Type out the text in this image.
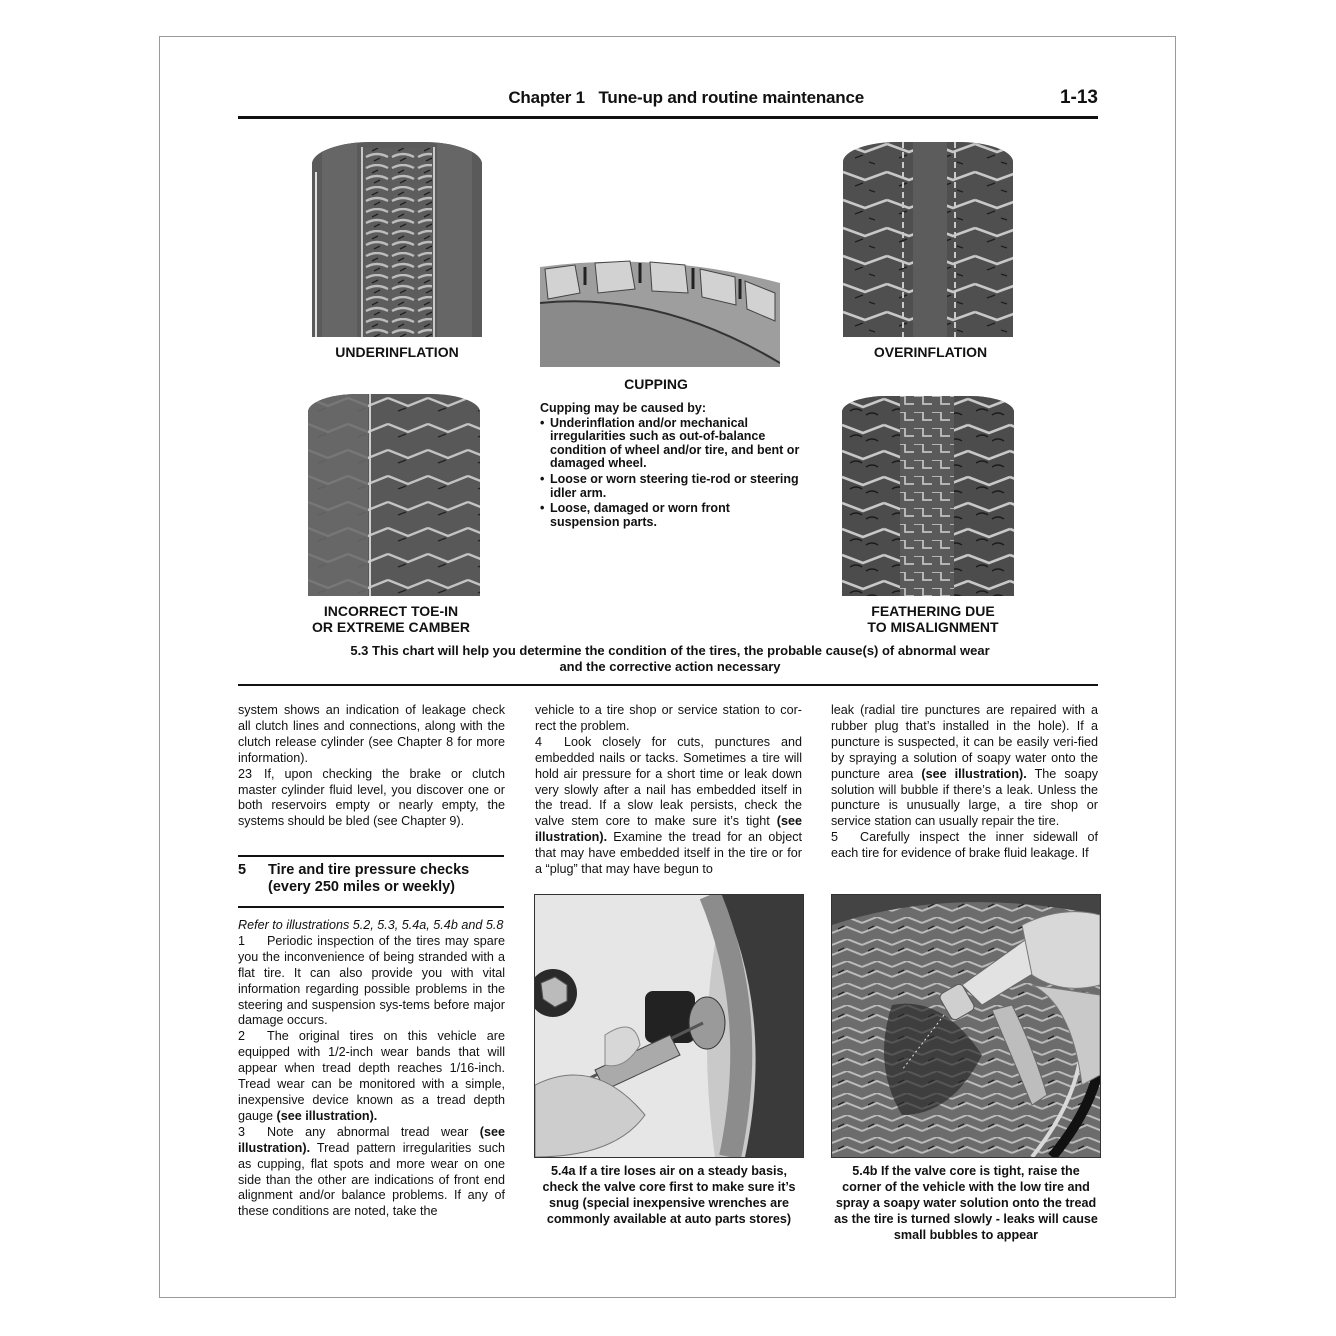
Chapter 1   Tune-up and routine maintenance	1-13
UNDERINFLATION
CUPPING
OVERINFLATION
INCORRECT TOE-IN
OR EXTREME CAMBER
FEATHERING DUE
TO MISALIGNMENT
Cupping may be caused by:
• Underinflation and/or mechanical irregularities such as out-of-balance condition of wheel and/or tire, and bent or damaged wheel.
• Loose or worn steering tie-rod or steering idler arm.
• Loose, damaged or worn front suspension parts.
5.3 This chart will help you determine the condition of the tires, the probable cause(s) of abnormal wear
and the corrective action necessary

system shows an indication of leakage check all clutch lines and connections, along with the clutch release cylinder (see Chapter 8 for more information).

23 If, upon checking the brake or clutch master cylinder fluid level, you discover one or both reservoirs empty or nearly empty, the systems should be bled (see Chapter 9).

5 Tire and tire pressure checks
(every 250 miles or weekly)

Refer to illustrations 5.2, 5.3, 5.4a, 5.4b and 5.8

1 Periodic inspection of the tires may spare you the inconvenience of being stranded with a flat tire. It can also provide you with vital information regarding possible problems in the steering and suspension sys-tems before major damage occurs.

2 The original tires on this vehicle are equipped with 1/2-inch wear bands that will appear when tread depth reaches 1/16-inch. Tread wear can be monitored with a simple, inexpensive device known as a tread depth gauge (see illustration).

3 Note any abnormal tread wear (see illustration). Tread pattern irregularities such as cupping, flat spots and more wear on one side than the other are indications of front end alignment and/or balance problems. If any of these conditions are noted, take the

vehicle to a tire shop or service station to cor-rect the problem.

4 Look closely for cuts, punctures and embedded nails or tacks. Sometimes a tire will hold air pressure for a short time or leak down very slowly after a nail has embedded itself in the tread. If a slow leak persists, check the valve stem core to make sure it’s tight (see illustration). Examine the tread for an object that may have embedded itself in the tire or for a “plug” that may have begun to

leak (radial tire punctures are repaired with a rubber plug that’s installed in the hole). If a puncture is suspected, it can be easily veri-fied by spraying a solution of soapy water onto the puncture area (see illustration). The soapy solution will bubble if there’s a leak. Unless the puncture is unusually large, a tire shop or service station can usually repair the tire.

5 Carefully inspect the inner sidewall of each tire for evidence of brake fluid leakage. If

5.4a If a tire loses air on a steady basis, check the valve core first to make sure it’s snug (special inexpensive wrenches are commonly available at auto parts stores)
5.4b If the valve core is tight, raise the corner of the vehicle with the low tire and spray a soapy water solution onto the tread as the tire is turned slowly - leaks will cause small bubbles to appear
